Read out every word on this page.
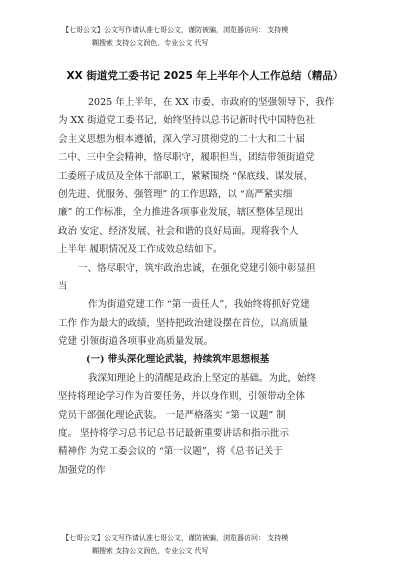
【七哥公文】公文写作请认准七哥公文，谨防被骗，浏览器访问： 支持模
糊搜索 支持公文润色、专业公文 代写
XX 街道党工委书记 2025 年上半年个人工作总结（精品）
2025 年上半年，在 XX 市委、市政府的坚强领导下，我作
为 XX 街道党工委书记，始终坚持以总书记新时代中国特色社
会主义思想为根本遵循，深入学习贯彻党的二十大和二十届
二中、三中全会精神，恪尽职守，履职担当，团结带领街道党
工委班子成员及全体干部职工，紧紧围绕 “保底线、谋发展、
创先进、优服务、强管理” 的工作思路，以 “高严紧实细
廉” 的工作标准，全力推进各项事业发展，辖区整体呈现出
政治 安定、经济发展、社会和谐的良好局面。现将我个人
上半年 履职情况及工作成效总结如下。
一、恪尽职守，筑牢政治忠诚，在强化党建引领中彰显担
当
作为街道党建工作 “第一责任人”，我始终将抓好党建
工作 作为最大的政绩，坚持把政治建设摆在首位，以高质量
党建 引领街道各项事业高质量发展。
(一) 带头深化理论武装，持续筑牢思想根基
我深知理论上的清醒是政治上坚定的基础。为此，始终
坚持将理论学习作为首要任务，并以身作则，引领带动全体
党员干部强化理论武装。 一是严格落实 “第一议题” 制
度。 坚持将学习总书记总书记最新重要讲话和指示批示
精神作 为党工委会议的 “第一议题”，将《总书记关于
加强党的作
【七哥公文】公文写作请认准七哥公文，谨防被骗，浏览器访问： 支持模
糊搜索 支持公文润色、专业公文 代写
